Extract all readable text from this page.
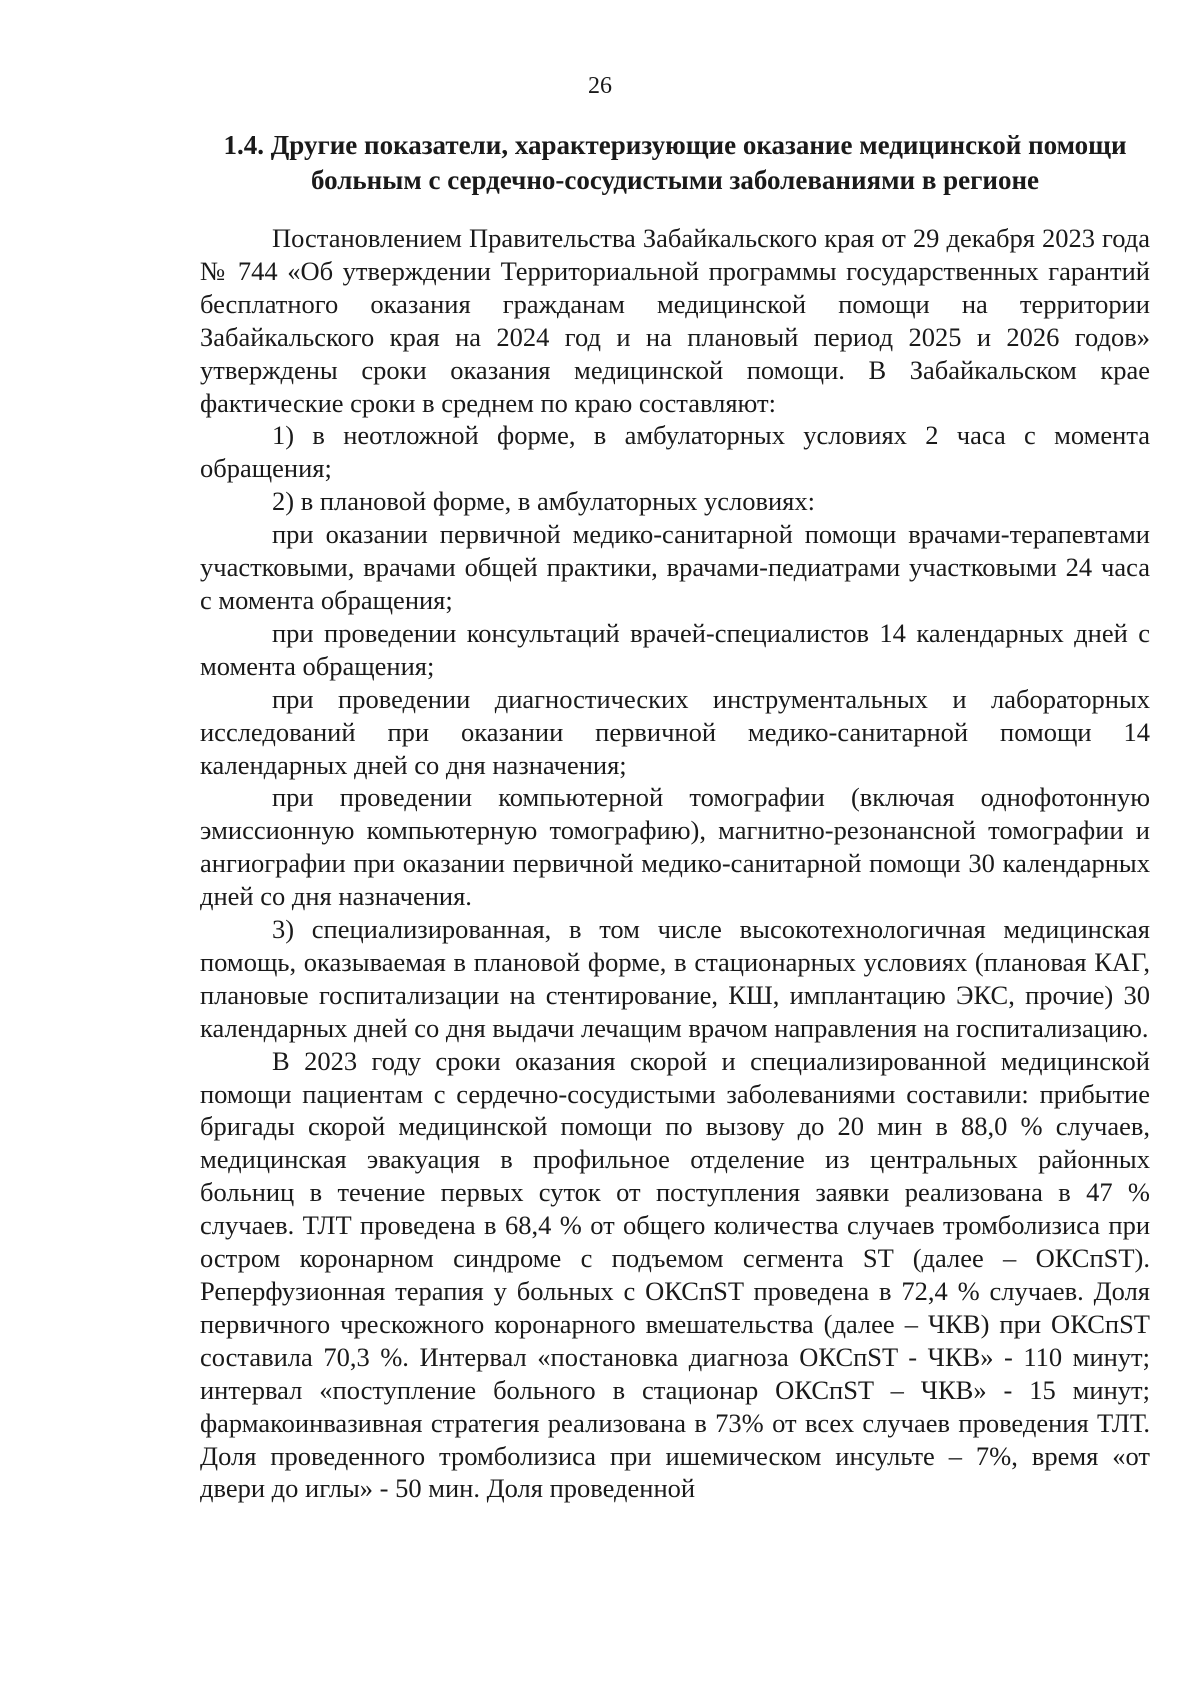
26
1.4. Другие показатели, характеризующие оказание медицинской помощи
больным с сердечно-сосудистыми заболеваниями в регионе

Постановлением Правительства Забайкальского края от 29 декабря 2023 года № 744 «Об утверждении Территориальной программы государственных гарантий бесплатного оказания гражданам медицинской помощи на территории Забайкальского края на 2024 год и на плановый период 2025 и 2026 годов» утверждены сроки оказания медицинской помощи. В Забайкальском крае фактические сроки в среднем по краю составляют:

1) в неотложной форме, в амбулаторных условиях 2 часа с момента обращения;

2) в плановой форме, в амбулаторных условиях:

при оказании первичной медико-санитарной помощи врачами-терапевтами участковыми, врачами общей практики, врачами-педиатрами участковыми 24 часа с момента обращения;

при проведении консультаций врачей-специалистов 14 календарных дней с момента обращения;

при проведении диагностических инструментальных и лабораторных исследований при оказании первичной медико-санитарной помощи 14 календарных дней со дня назначения;

при проведении компьютерной томографии (включая однофотонную эмиссионную компьютерную томографию), магнитно-резонансной томографии и ангиографии при оказании первичной медико-санитарной помощи 30 календарных дней со дня назначения.

3) специализированная, в том числе высокотехнологичная медицинская помощь, оказываемая в плановой форме, в стационарных условиях (плановая КАГ, плановые госпитализации на стентирование, КШ, имплантацию ЭКС, прочие) 30 календарных дней со дня выдачи лечащим врачом направления на госпитализацию.

В 2023 году сроки оказания скорой и специализированной медицинской помощи пациентам с сердечно-сосудистыми заболеваниями составили: прибытие бригады скорой медицинской помощи по вызову до 20 мин в 88,0 % случаев, медицинская эвакуация в профильное отделение из центральных районных больниц в течение первых суток от поступления заявки реализована в 47 % случаев. ТЛТ проведена в 68,4 % от общего количества случаев тромболизиса при остром коронарном синдроме с подъемом сегмента ST (далее – ОКСпST). Реперфузионная терапия у больных с ОКСпST проведена в 72,4 % случаев. Доля первичного чрескожного коронарного вмешательства (далее – ЧКВ) при ОКСпST составила 70,3 %. Интервал «постановка диагноза ОКСпST - ЧКВ» - 110 минут; интервал «поступление больного в стационар ОКСпST – ЧКВ» - 15 минут; фармакоинвазивная стратегия реализована в 73% от всех случаев проведения ТЛТ. Доля проведенного тромболизиса при ишемическом инсульте – 7%, время «от двери до иглы» - 50 мин. Доля проведенной
